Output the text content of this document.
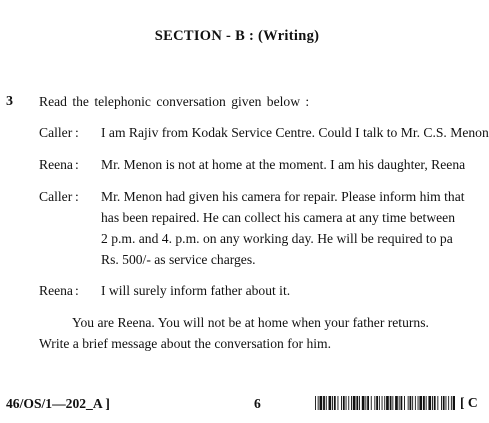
SECTION - B : (Writing)
3 Read the telephonic conversation given below :
Caller : I am Rajiv from Kodak Service Centre. Could I talk to Mr. C.S. Menon
Reena : Mr. Menon is not at home at the moment. I am his daughter, Reena
Caller : Mr. Menon had given his camera for repair. Please inform him that
has been repaired. He can collect his camera at any time between
2 p.m. and 4. p.m. on any working day. He will be required to pa
Rs. 500/- as service charges.
Reena : I will surely inform father about it.
You are Reena. You will not be at home when your father returns.
Write a brief message about the conversation for him.
46/OS/1—202_A ]	6	[ C
